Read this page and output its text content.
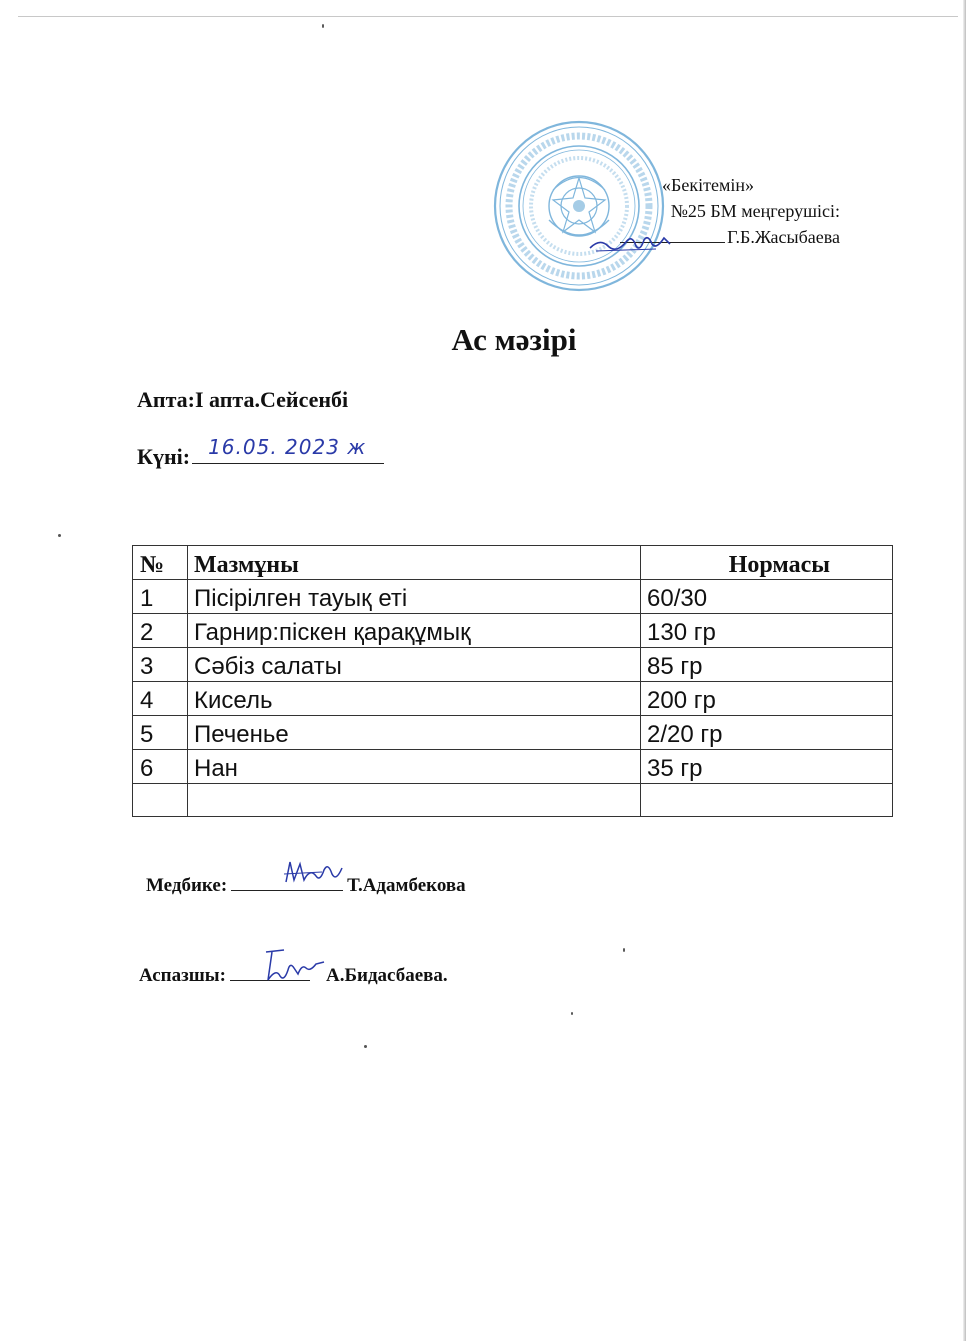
«Бекітемін»
№25 БМ меңгерушісі:
Г.Б.Жасыбаева
Ас мәзірі
Апта:І апта.Сейсенбі
Күні: 16.05. 2023 ж
№	Мазмұны	Нормасы
1	Пісірілген тауық еті	60/30
2	Гарнир:піскен қарақұмық	130 гр
3	Сәбіз салаты	85 гр
4	Кисель	200 гр
5	Печенье	2/20 гр
6	Нан	35 гр

Медбике:	Т.Адамбекова
Аспазшы:	А.Бидасбаева.
